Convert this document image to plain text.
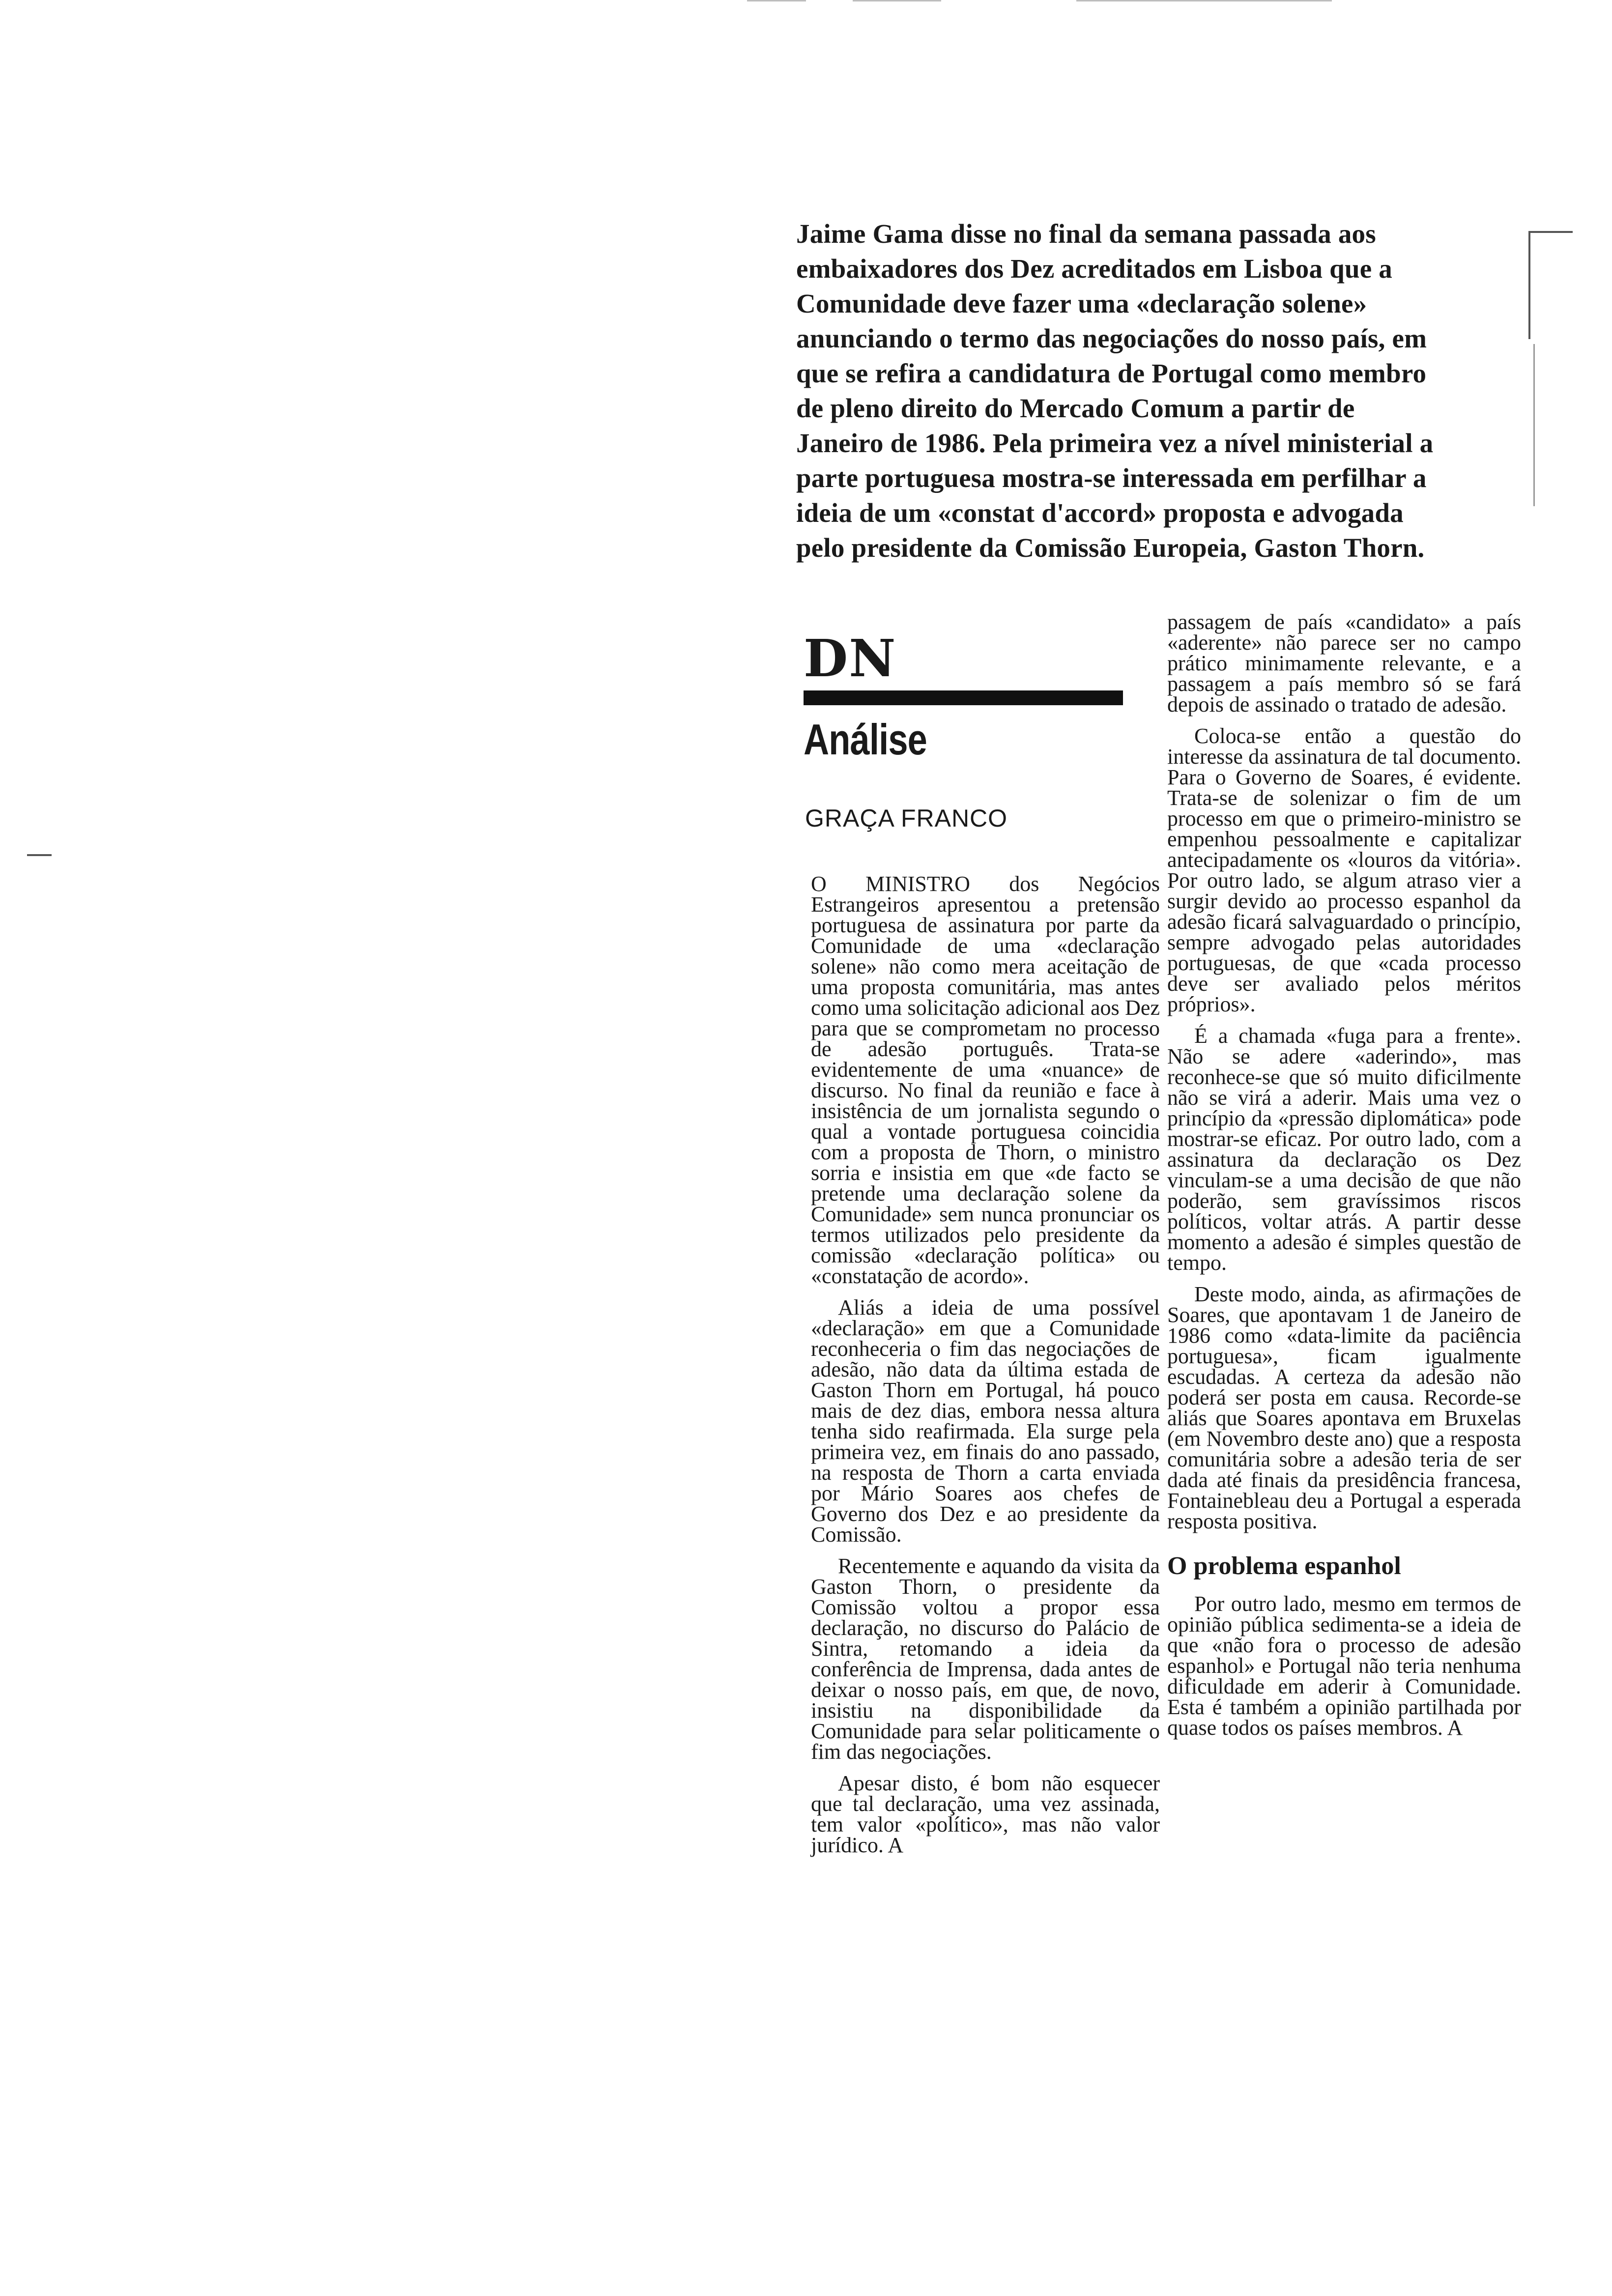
Jaime Gama disse no final da semana passada aos
embaixadores dos Dez acreditados em Lisboa que a
Comunidade deve fazer uma «declaração solene»
anunciando o termo das negociações do nosso país, em
que se refira a candidatura de Portugal como membro
de pleno direito do Mercado Comum a partir de
Janeiro de 1986. Pela primeira vez a nível ministerial a
parte portuguesa mostra-se interessada em perfilhar a
ideia de um «constat d'accord» proposta e advogada
pelo presidente da Comissão Europeia, Gaston Thorn.
DN
Análise
GRAÇA FRANCO

O MINISTRO dos Negócios Estrangeiros apresentou a pretensão portuguesa de assinatura por parte da Comunidade de uma «declaração solene» não como mera aceitação de uma proposta comunitária, mas antes como uma solicitação adicional aos Dez para que se comprometam no processo de adesão português. Trata-se evidentemente de uma «nuance» de discurso. No final da reunião e face à insistência de um jornalista segundo o qual a vontade portuguesa coincidia com a proposta de Thorn, o ministro sorria e insistia em que «de facto se pretende uma declaração solene da Comunidade» sem nunca pronunciar os termos utilizados pelo presidente da comissão «declaração política» ou «constatação de acordo».

Aliás a ideia de uma possível «declaração» em que a Comunidade reconheceria o fim das negociações de adesão, não data da última estada de Gaston Thorn em Portugal, há pouco mais de dez dias, embora nessa altura tenha sido reafirmada. Ela surge pela primeira vez, em finais do ano passado, na resposta de Thorn a carta enviada por Mário Soares aos chefes de Governo dos Dez e ao presidente da Comissão.

Recentemente e aquando da visita da Gaston Thorn, o presidente da Comissão voltou a propor essa declaração, no discurso do Palácio de Sintra, retomando a ideia da conferência de Imprensa, dada antes de deixar o nosso país, em que, de novo, insistiu na disponibilidade da Comunidade para selar politicamente o fim das negociações.

Apesar disto, é bom não esquecer que tal declaração, uma vez assinada, tem valor «político», mas não valor jurídico. A

passagem de país «candidato» a país «aderente» não parece ser no campo prático minimamente relevante, e a passagem a país membro só se fará depois de assinado o tratado de adesão.

Coloca-se então a questão do interesse da assinatura de tal documento. Para o Governo de Soares, é evidente. Trata-se de solenizar o fim de um processo em que o primeiro-ministro se empenhou pessoalmente e capitalizar antecipadamente os «louros da vitória». Por outro lado, se algum atraso vier a surgir devido ao processo espanhol da adesão ficará salvaguardado o princípio, sempre advogado pelas autoridades portuguesas, de que «cada processo deve ser avaliado pelos méritos próprios».

É a chamada «fuga para a frente». Não se adere «aderindo», mas reconhece-se que só muito dificilmente não se virá a aderir. Mais uma vez o princípio da «pressão diplomática» pode mostrar-se eficaz. Por outro lado, com a assinatura da declaração os Dez vinculam-se a uma decisão de que não poderão, sem gravíssimos riscos políticos, voltar atrás. A partir desse momento a adesão é simples questão de tempo.

Deste modo, ainda, as afirmações de Soares, que apontavam 1 de Janeiro de 1986 como «data-limite da paciência portuguesa», ficam igualmente escudadas. A certeza da adesão não poderá ser posta em causa. Recorde-se aliás que Soares apontava em Bruxelas (em Novembro deste ano) que a resposta comunitária sobre a adesão teria de ser dada até finais da presidência francesa, Fontainebleau deu a Portugal a esperada resposta positiva.

O problema espanhol

Por outro lado, mesmo em termos de opinião pública sedimenta-se a ideia de que «não fora o processo de adesão espanhol» e Portugal não teria nenhuma dificuldade em aderir à Comunidade. Esta é também a opinião partilhada por quase todos os países membros. A
